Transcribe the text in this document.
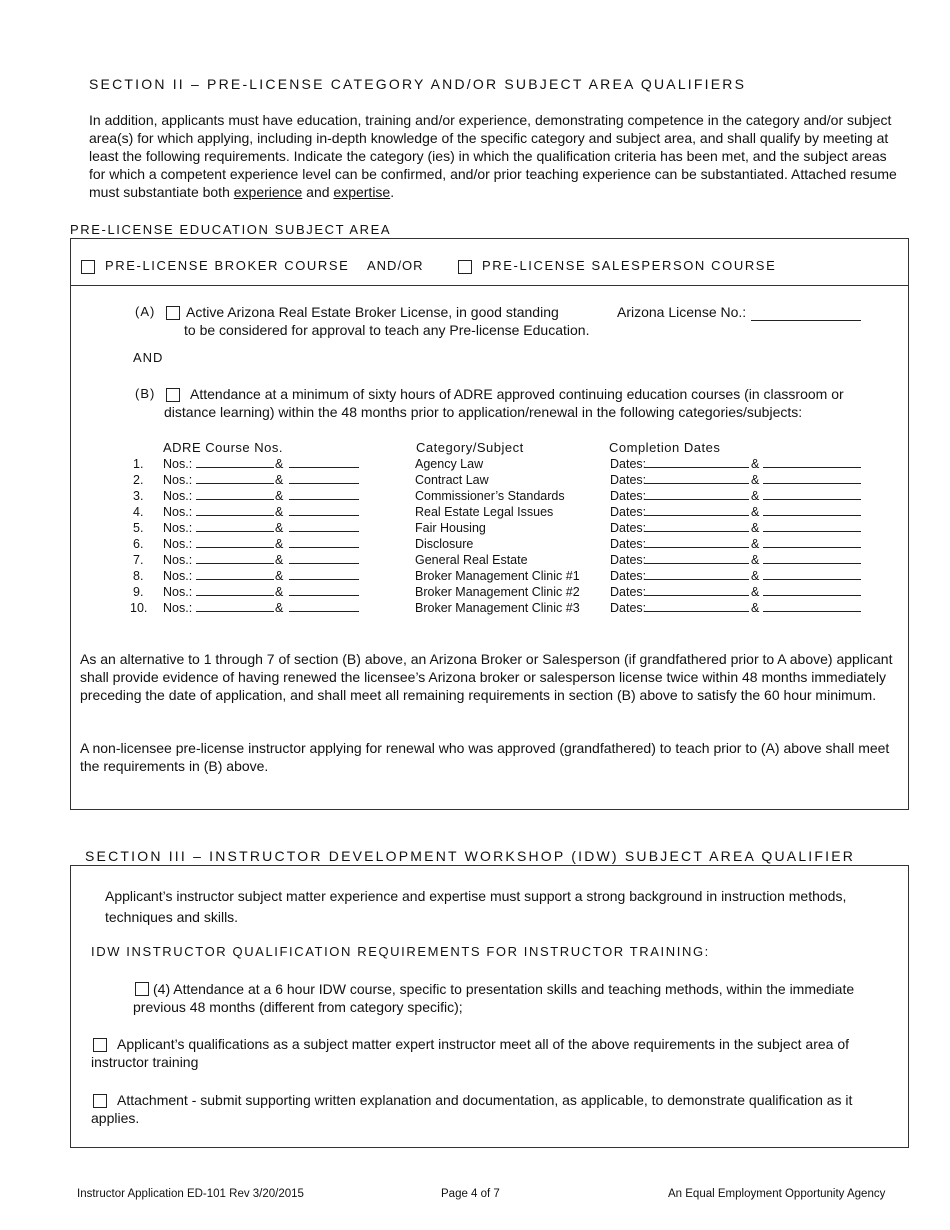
SECTION II – PRE-LICENSE CATEGORY AND/OR SUBJECT AREA QUALIFIERS
In addition, applicants must have education, training and/or experience, demonstrating competence in the category and/or subject area(s) for which applying, including in-depth knowledge of the specific category and subject area, and shall qualify by meeting at least the following requirements. Indicate the category (ies) in which the qualification criteria has been met, and the subject areas for which a competent experience level can be confirmed, and/or prior teaching experience can be substantiated. Attached resume must substantiate both experience and expertise.
PRE-LICENSE EDUCATION SUBJECT AREA
PRE-LICENSE BROKER COURSE AND/OR	PRE-LICENSE SALESPERSON COURSE
(A) Active Arizona Real Estate Broker License, in good standing
to be considered for approval to teach any Pre-license Education.
Arizona License No.:
AND
(B)	Attendance at a minimum of sixty hours of ADRE approved continuing education courses (in classroom or distance learning) within the 48 months prior to application/renewal in the following categories/subjects:
ADRE Course Nos.	Category/Subject	Completion Dates
1. Nos.:	&	Agency Law	Dates:	&
2. Nos.:	&	Contract Law	Dates:	&
3. Nos.:	&	Commissioner’s Standards	Dates:	&
4. Nos.:	&	Real Estate Legal Issues	Dates:	&
5. Nos.:	&	Fair Housing	Dates:	&
6. Nos.:	&	Disclosure	Dates:	&
7. Nos.:	&	General Real Estate	Dates:	&
8. Nos.:	&	Broker Management Clinic #1 Dates:	&
9. Nos.:	&	Broker Management Clinic #2 Dates:	&
10. Nos.:	&	Broker Management Clinic #3 Dates:	&
As an alternative to 1 through 7 of section (B) above, an Arizona Broker or Salesperson (if grandfathered prior to A above) applicant shall provide evidence of having renewed the licensee’s Arizona broker or salesperson license twice within 48 months immediately preceding the date of application, and shall meet all remaining requirements in section (B) above to satisfy the 60 hour minimum.
A non-licensee pre-license instructor applying for renewal who was approved (grandfathered) to teach prior to (A) above shall meet the requirements in (B) above.
SECTION III – INSTRUCTOR DEVELOPMENT WORKSHOP (IDW) SUBJECT AREA QUALIFIER
Applicant’s instructor subject matter experience and expertise must support a strong background in instruction methods, techniques and skills.
IDW INSTRUCTOR QUALIFICATION REQUIREMENTS FOR INSTRUCTOR TRAINING:
(4) Attendance at a 6 hour IDW course, specific to presentation skills and teaching methods, within the immediate previous 48 months (different from category specific);
Applicant’s qualifications as a subject matter expert instructor meet all of the above requirements in the subject area of instructor training
Attachment - submit supporting written explanation and documentation, as applicable, to demonstrate qualification as it applies.
Instructor Application ED-101 Rev 3/20/2015	Page 4 of 7	An Equal Employment Opportunity Agency
